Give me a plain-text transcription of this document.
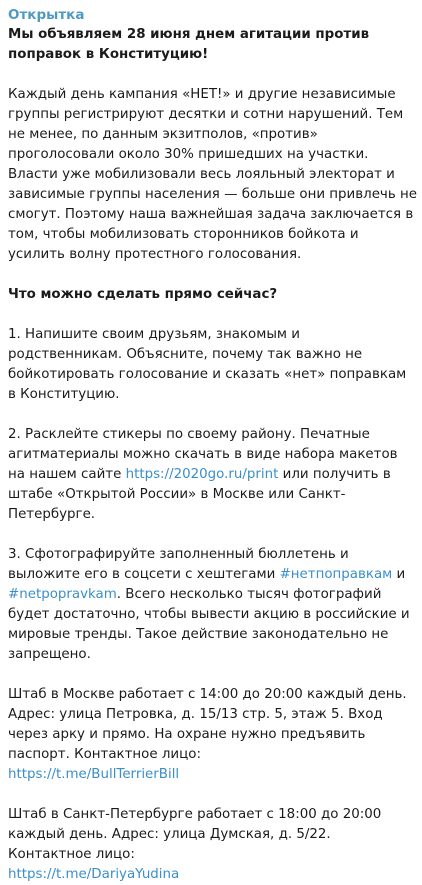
Открытка

Мы объявляем 28 июня днем агитации против поправок в Конституцию!

Каждый день кампания «НЕТ!» и другие независимые группы регистрируют десятки и сотни нарушений. Тем не менее, по данным экзитполов, «против» проголосовали около 30% пришедших на участки. Власти уже мобилизовали весь лояльный электорат и зависимые группы населения — больше они привлечь не смогут. Поэтому наша важнейшая задача заключается в том, чтобы мобилизовать сторонников бойкота и усилить волну протестного голосования.

Что можно сделать прямо сейчас?

1. Напишите своим друзьям, знакомым и родственникам. Объясните, почему так важно не бойкотировать голосование и сказать «нет» поправкам в Конституцию.

2. Расклейте стикеры по своему району. Печатные агитматериалы можно скачать в виде набора макетов на нашем сайте https://2020go.ru/print или получить в штабе «Открытой России» в Москве или Санкт-Петербурге.

3. Сфотографируйте заполненный бюллетень и выложите его в соцсети с хештегами #нетпоправкам и #netpopravkam. Всего несколько тысяч фотографий будет достаточно, чтобы вывести акцию в российские и мировые тренды. Такое действие законодательно не запрещено.

Штаб в Москве работает с 14:00 до 20:00 каждый день. Адрес: улица Петровка, д. 15/13 стр. 5, этаж 5. Вход через арку и прямо. На охране нужно предъявить паспорт. Контактное лицо:
https://t.me/BullTerrierBill

Штаб в Санкт-Петербурге работает с 18:00 до 20:00 каждый день. Адрес: улица Думская, д. 5/22. Контактное лицо:
https://t.me/DariyaYudina
